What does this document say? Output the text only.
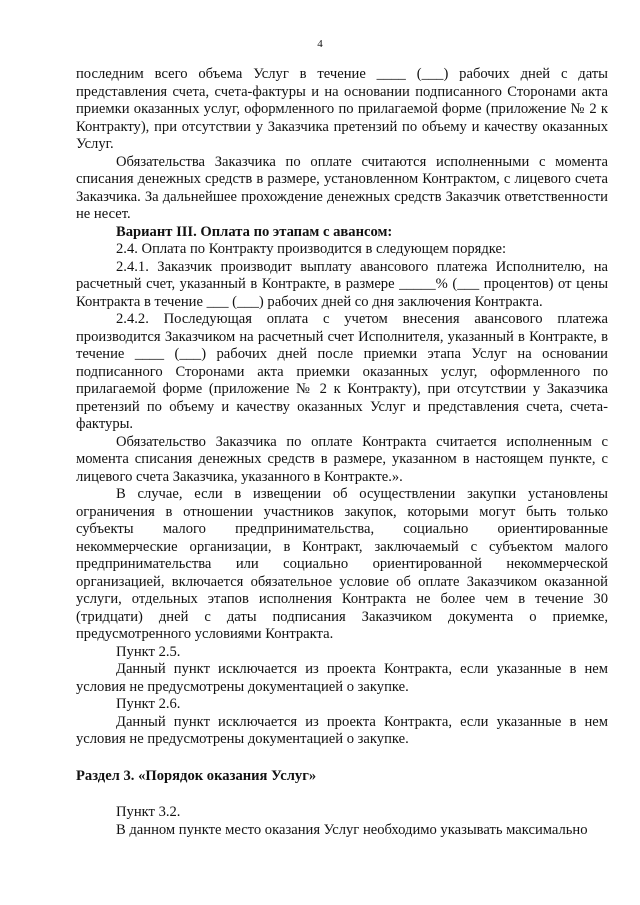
4

последним всего объема Услуг в течение ____ (___) рабочих дней с даты представления счета, счета-фактуры и на основании подписанного Сторонами акта приемки оказанных услуг, оформленного по прилагаемой форме (приложение № 2 к Контракту), при отсутствии у Заказчика претензий по объему и качеству оказанных Услуг.

Обязательства Заказчика по оплате считаются исполненными с момента списания денежных средств в размере, установленном Контрактом, с лицевого счета Заказчика. За дальнейшее прохождение денежных средств Заказчик ответственности не несет.

Вариант III. Оплата по этапам с авансом:

2.4. Оплата по Контракту производится в следующем порядке:

2.4.1. Заказчик производит выплату авансового платежа Исполнителю, на расчетный счет, указанный в Контракте, в размере _____% (___ процентов) от цены Контракта в течение ___ (___) рабочих дней со дня заключения Контракта.

2.4.2. Последующая оплата с учетом внесения авансового платежа производится Заказчиком на расчетный счет Исполнителя, указанный в Контракте, в течение ____ (___) рабочих дней после приемки этапа Услуг на основании подписанного Сторонами акта приемки оказанных услуг, оформленного по прилагаемой форме (приложение № 2 к Контракту), при отсутствии у Заказчика претензий по объему и качеству оказанных Услуг и представления счета, счета-фактуры.

Обязательство Заказчика по оплате Контракта считается исполненным с момента списания денежных средств в размере, указанном в настоящем пункте, с лицевого счета Заказчика, указанного в Контракте.».

В случае, если в извещении об осуществлении закупки установлены ограничения в отношении участников закупок, которыми могут быть только субъекты малого предпринимательства, социально ориентированные некоммерческие организации, в Контракт, заключаемый с субъектом малого предпринимательства или социально ориентированной некоммерческой организацией, включается обязательное условие об оплате Заказчиком оказанной услуги, отдельных этапов исполнения Контракта не более чем в течение 30 (тридцати) дней с даты подписания Заказчиком документа о приемке, предусмотренного условиями Контракта.

Пункт 2.5.

Данный пункт исключается из проекта Контракта, если указанные в нем условия не предусмотрены документацией о закупке.

Пункт 2.6.

Данный пункт исключается из проекта Контракта, если указанные в нем условия не предусмотрены документацией о закупке.

Раздел 3. «Порядок оказания Услуг»

Пункт 3.2.

В данном пункте место оказания Услуг необходимо указывать максимально
